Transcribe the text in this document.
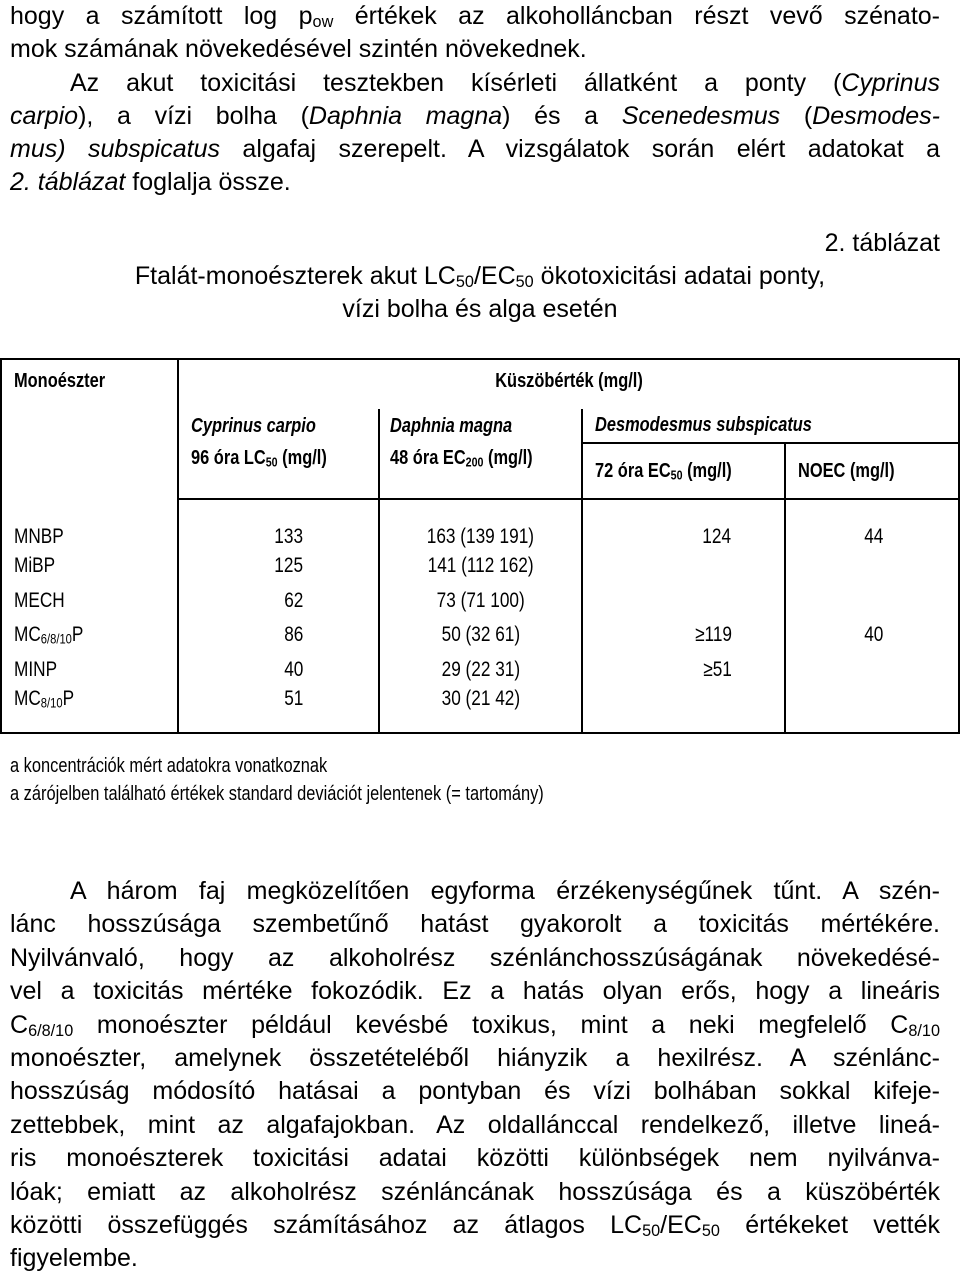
hogy a számított $\log p_{ow}$ értékek az alkoholláncban részt vevő szénato-
mok számának növekedésével szintén növekednek.
Az akut toxicitási tesztekben kísérleti állatként a ponty (Cyprinus
carpio), a vízi bolha (Daphnia magna) és a Scenedesmus (Desmodes-
mus) subspicatus algafaj szerepelt. A vizsgálatok során elért adatokat a
2. táblázat foglalja össze.
2. táblázat
Ftalát-monoészterek akut $LC_{50}/EC_{50}$ ökotoxicitási adatai ponty,
vízi bolha és alga esetén
Monoészter	Küszöbérték (mg/l)			
	Cyprinus carpio	Daphnia magna	Desmodesmus subspicatus	
	96 óra $LC_{50}$ (mg/l)	48 óra $EC_{200}$ (mg/l)	72 óra $EC_{50}$ (mg/l)	NOEC (mg/l)
MNBP	133	163 (139 191)	124	44
MiBP	125	141 (112 162)		
MECH	62	73 (71 100)		
$MC_{6/8/10}P$	86	50 (32 61)	≥119	40
MINP	40	29 (22 31)	≥51	
$MC_{8/10}P$	51	30 (21 42)		
a koncentrációk mért adatokra vonatkoznak
a zárójelben található értékek standard deviációt jelentenek (= tartomány)
A három faj megközelítően egyforma érzékenységűnek tűnt. A szén-
lánc hosszúsága szembetűnő hatást gyakorolt a toxicitás mértékére.
Nyilvánvaló, hogy az alkoholrész szénlánchosszúságának növekedésé-
vel a toxicitás mértéke fokozódik. Ez a hatás olyan erős, hogy a lineáris
$C_{6/8/10}$ monoészter például kevésbé toxikus, mint a neki megfelelő $C_{8/10}$
monoészter, amelynek összetételéből hiányzik a hexilrész. A szénlánc-
hosszúság módosító hatásai a pontyban és vízi bolhában sokkal kifeje-
zettebbek, mint az algafajokban. Az oldallánccal rendelkező, illetve lineá-
ris monoészterek toxicitási adatai közötti különbségek nem nyilvánva-
lóak; emiatt az alkoholrész szénláncának hosszúsága és a küszöbérték
közötti összefüggés számításához az átlagos $LC_{50}/EC_{50}$ értékeket vették
figyelembe.
